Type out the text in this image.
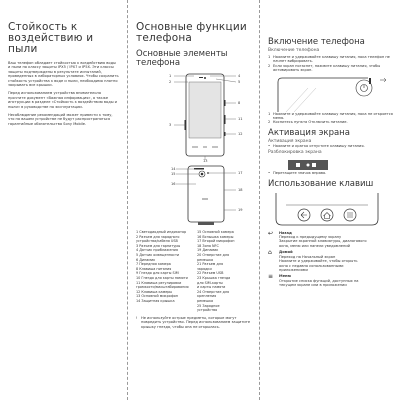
Стойкость к
воздействию и пыли
Ваш телефон обладает стойкостью к воздействию воды и пыли по классу защиты IPX5 / IPX7 и IP5X. Эти классы защиты подтверждены в результате испытаний, проведенных в лабораторных условиях. Чтобы сохранить стойкость устройства к воде и пыли, необходимо плотно закрывать все крышки.
Перед использованием устройства внимательно прочтите документ «Важная информация», а также инструкции в разделе «Стойкость к воздействию воды и пыли» в руководстве по эксплуатации.
Несоблюдение рекомендаций может привести к тому, что на вашем устройстве не будут распространяться гарантийные обязательства Sony Mobile.
Основные функции
телефона
Основные элементы
телефона
1
2
3
4
5
8
11
12
13
14
15
16
17
18
19
1 Светодиодный индикатор
2 Разъем для зарядного
устройства/кабеля USB
3 Разъем для гарнитуры
4 Датчик приближения
5 Датчик освещенности
6 Динамик
7 Передняя камера
8 Клавиша питания
9 Гнездо для карты SIM
10 Гнездо для карты памяти
11 Клавиша регулировки
громкости/масштабирования
12 Клавиша камеры
13 Основной микрофон
14 Защитная крышка
15 Основной камера
16 Вспышка камеры
17 Второй микрофон
18 Зона NFC
19 Динамик
20 Отверстие для
ремешка
21 Разъем для
зарядки
22 Разъем USB
23 Крышка гнезда
для SIM-карты
и карты памяти
24 Отверстие для
крепления
ремешка
25 Зарядное
устройство
! Не используйте острые предметы, которые могут повредить устройство. Перед использованием защитите крышку гнезда, чтобы она не открылась.
Включение телефона
Включение телефона
1 Нажмите и удерживайте клавишу питания, пока телефон не начнет вибрировать.
2 Если экран погаснет, нажмите клавишу питания, чтобы активировать экран.
1 Нажмите и удерживайте клавишу питания, пока не откроется меню.
2 Коснитесь пункта Отключить питание.
Активация экрана
Активация экрана
• Нажмите и кратко отпустите клавишу питания.
Разблокировка экрана
• Перетащите значок вправо.
Использование клавиш
↩	Назад
Переход к предыдущему экрану
Закрытие экранной клавиатуры, диалогового
окна, меню или панели уведомлений
⌂	Домой
Переход на Начальный экран
Нажмите и удерживайте, чтобы открыть
окно с недавно использованными
приложениями
≡	Меню
Открытие списка функций, доступных на
текущем экране или в приложении
